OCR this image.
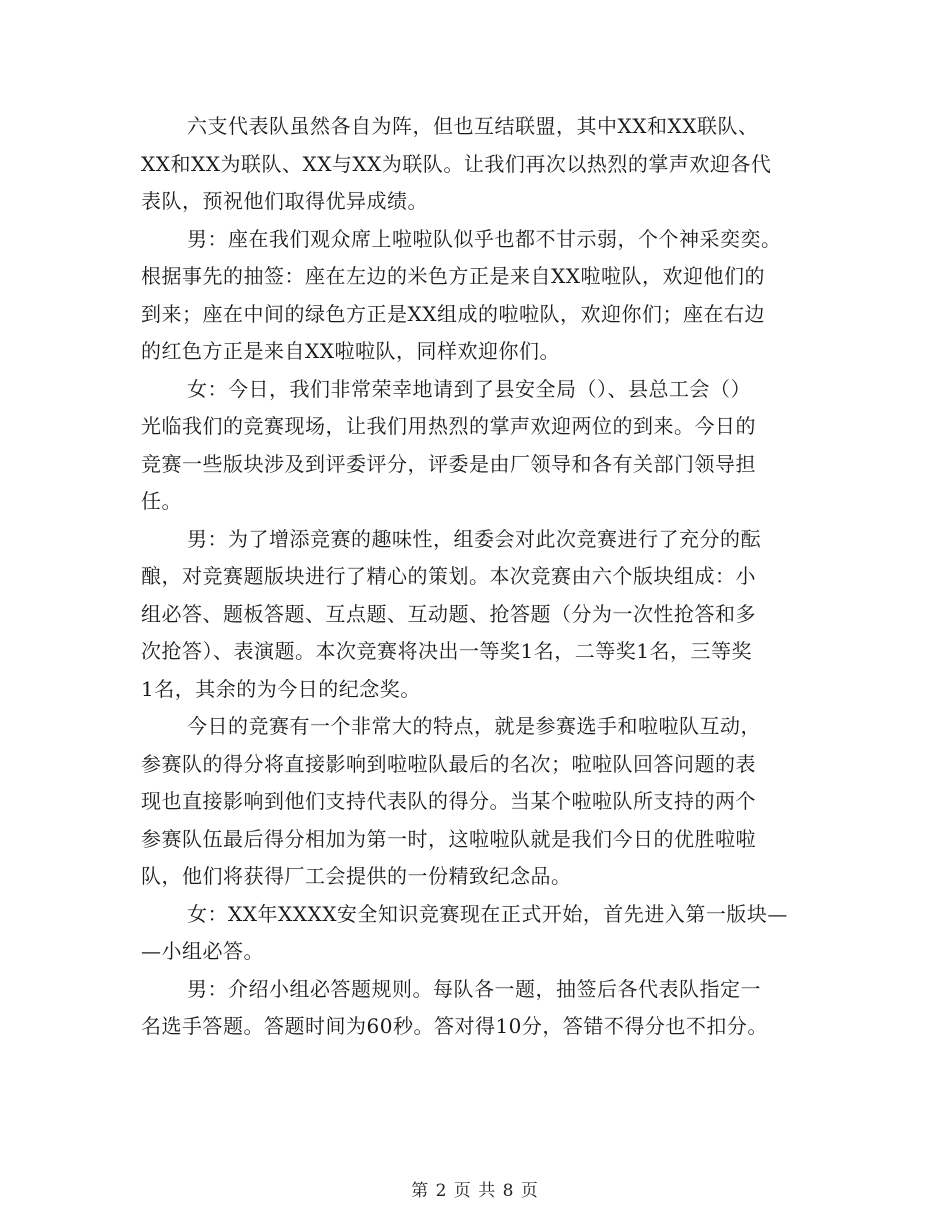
六支代表队虽然各自为阵，但也互结联盟，其中XX和XX联队、
XX和XX为联队、XX与XX为联队。让我们再次以热烈的掌声欢迎各代
表队，预祝他们取得优异成绩。

男：座在我们观众席上啦啦队似乎也都不甘示弱，个个神采奕奕。
根据事先的抽签：座在左边的米色方正是来自XX啦啦队，欢迎他们的
到来；座在中间的绿色方正是XX组成的啦啦队，欢迎你们；座在右边
的红色方正是来自XX啦啦队，同样欢迎你们。

女：今日，我们非常荣幸地请到了县安全局（）、县总工会（）
光临我们的竞赛现场，让我们用热烈的掌声欢迎两位的到来。今日的
竞赛一些版块涉及到评委评分，评委是由厂领导和各有关部门领导担
任。

男：为了增添竞赛的趣味性，组委会对此次竞赛进行了充分的酝
酿，对竞赛题版块进行了精心的策划。本次竞赛由六个版块组成：小
组必答、题板答题、互点题、互动题、抢答题（分为一次性抢答和多
次抢答）、表演题。本次竞赛将决出一等奖1名，二等奖1名，三等奖
1名，其余的为今日的纪念奖。

今日的竞赛有一个非常大的特点，就是参赛选手和啦啦队互动，
参赛队的得分将直接影响到啦啦队最后的名次；啦啦队回答问题的表
现也直接影响到他们支持代表队的得分。当某个啦啦队所支持的两个
参赛队伍最后得分相加为第一时，这啦啦队就是我们今日的优胜啦啦
队，他们将获得厂工会提供的一份精致纪念品。

女：XX年XXXX安全知识竞赛现在正式开始，首先进入第一版块—
—小组必答。

男：介绍小组必答题规则。每队各一题，抽签后各代表队指定一
名选手答题。答题时间为60秒。答对得10分，答错不得分也不扣分。

第 2 页 共 8 页
